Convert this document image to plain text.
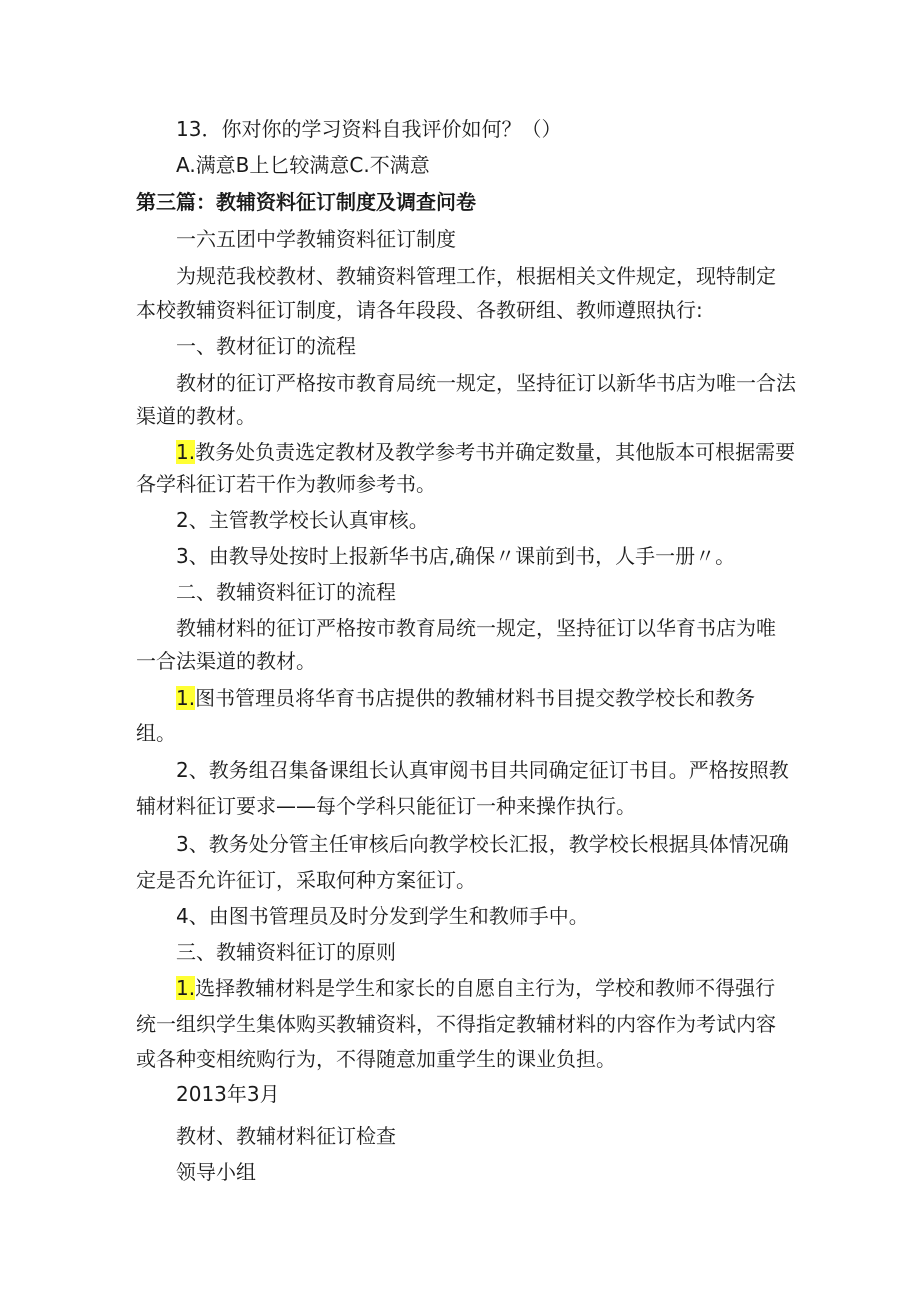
13．你对你的学习资料自我评价如何？（）
A.满意B上匕较满意C.不满意
第三篇：教辅资料征订制度及调查问卷
一六五团中学教辅资料征订制度
为规范我校教材、教辅资料管理工作，根据相关文件规定，现特制定
本校教辅资料征订制度，请各年段段、各教研组、教师遵照执行:
一、教材征订的流程
教材的征订严格按市教育局统一规定，坚持征订以新华书店为唯一合法
渠道的教材。
1.教务处负责选定教材及教学参考书并确定数量，其他版本可根据需要
各学科征订若干作为教师参考书。
2、主管教学校长认真审核。
3、由教导处按时上报新华书店,确保〃课前到书，人手一册〃。
二、教辅资料征订的流程
教辅材料的征订严格按市教育局统一规定，坚持征订以华育书店为唯
一合法渠道的教材。
1.图书管理员将华育书店提供的教辅材料书目提交教学校长和教务
组。
2、教务组召集备课组长认真审阅书目共同确定征订书目。严格按照教
辅材料征订要求——每个学科只能征订一种来操作执行。
3、教务处分管主任审核后向教学校长汇报，教学校长根据具体情况确
定是否允许征订，采取何种方案征订。
4、由图书管理员及时分发到学生和教师手中。
三、教辅资料征订的原则
1.选择教辅材料是学生和家长的自愿自主行为，学校和教师不得强行
统一组织学生集体购买教辅资料，不得指定教辅材料的内容作为考试内容
或各种变相统购行为，不得随意加重学生的课业负担。
2013年3月
教材、教辅材料征订检查
领导小组
